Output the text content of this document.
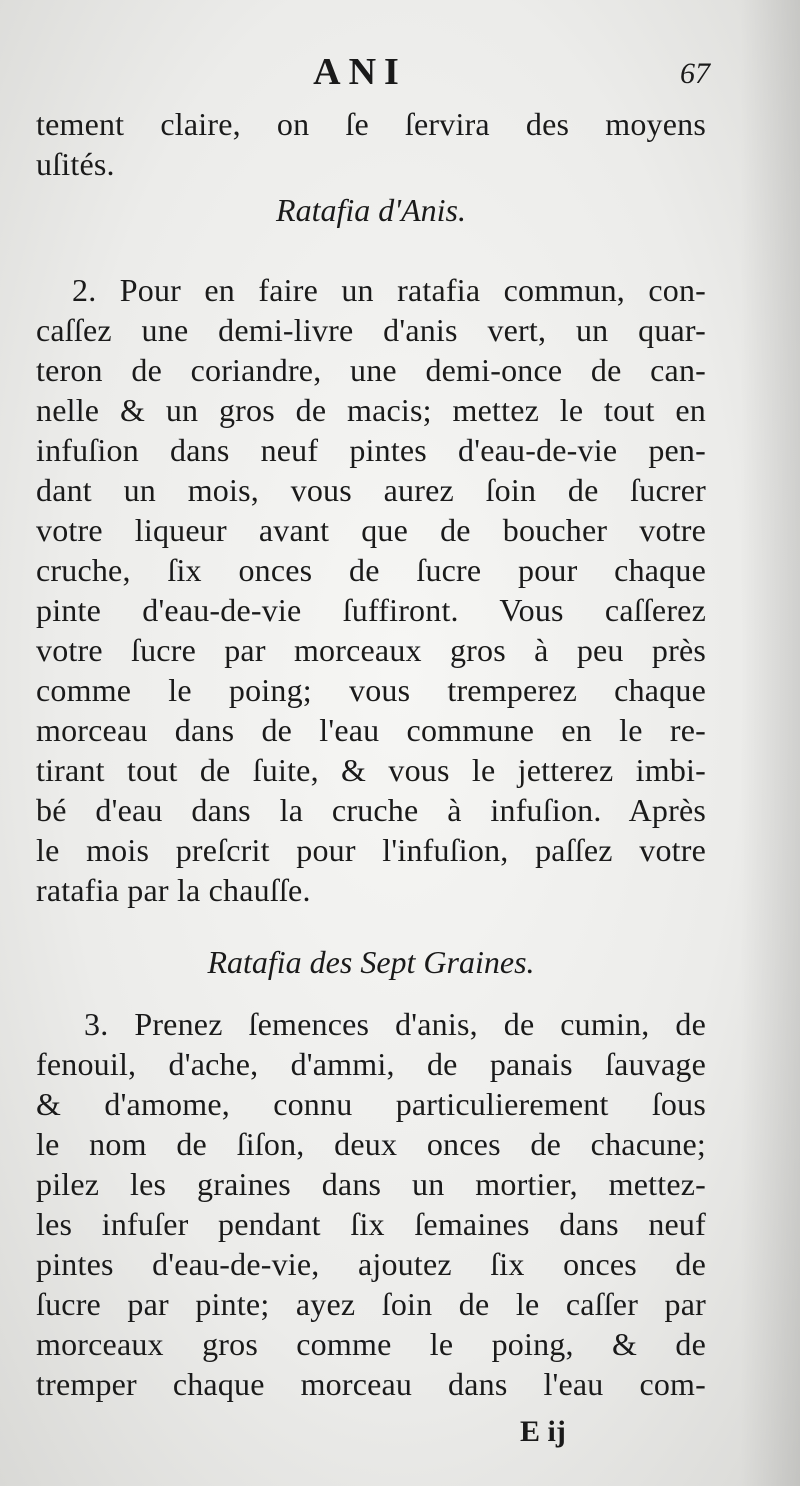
ANI	67
tement claire, on ſe ſervira des moyens
uſités.
Ratafia d'Anis.
2. Pour en faire un ratafia commun, con-
caſſez une demi-livre d'anis vert, un quar-
teron de coriandre, une demi-once de can-
nelle & un gros de macis; mettez le tout en
infuſion dans neuf pintes d'eau-de-vie pen-
dant un mois, vous aurez ſoin de ſucrer
votre liqueur avant que de boucher votre
cruche, ſix onces de ſucre pour chaque
pinte d'eau-de-vie ſuffiront. Vous caſſerez
votre ſucre par morceaux gros à peu près
comme le poing; vous tremperez chaque
morceau dans de l'eau commune en le re-
tirant tout de ſuite, & vous le jetterez imbi-
bé d'eau dans la cruche à infuſion. Après
le mois preſcrit pour l'infuſion, paſſez votre
ratafia par la chauſſe.
Ratafia des Sept Graines.
3. Prenez ſemences d'anis, de cumin, de
fenouil, d'ache, d'ammi, de panais ſauvage
& d'amome, connu particulierement ſous
le nom de ſiſon, deux onces de chacune;
pilez les graines dans un mortier, mettez-
les infuſer pendant ſix ſemaines dans neuf
pintes d'eau-de-vie, ajoutez ſix onces de
ſucre par pinte; ayez ſoin de le caſſer par
morceaux gros comme le poing, & de
tremper chaque morceau dans l'eau com-
E ij
